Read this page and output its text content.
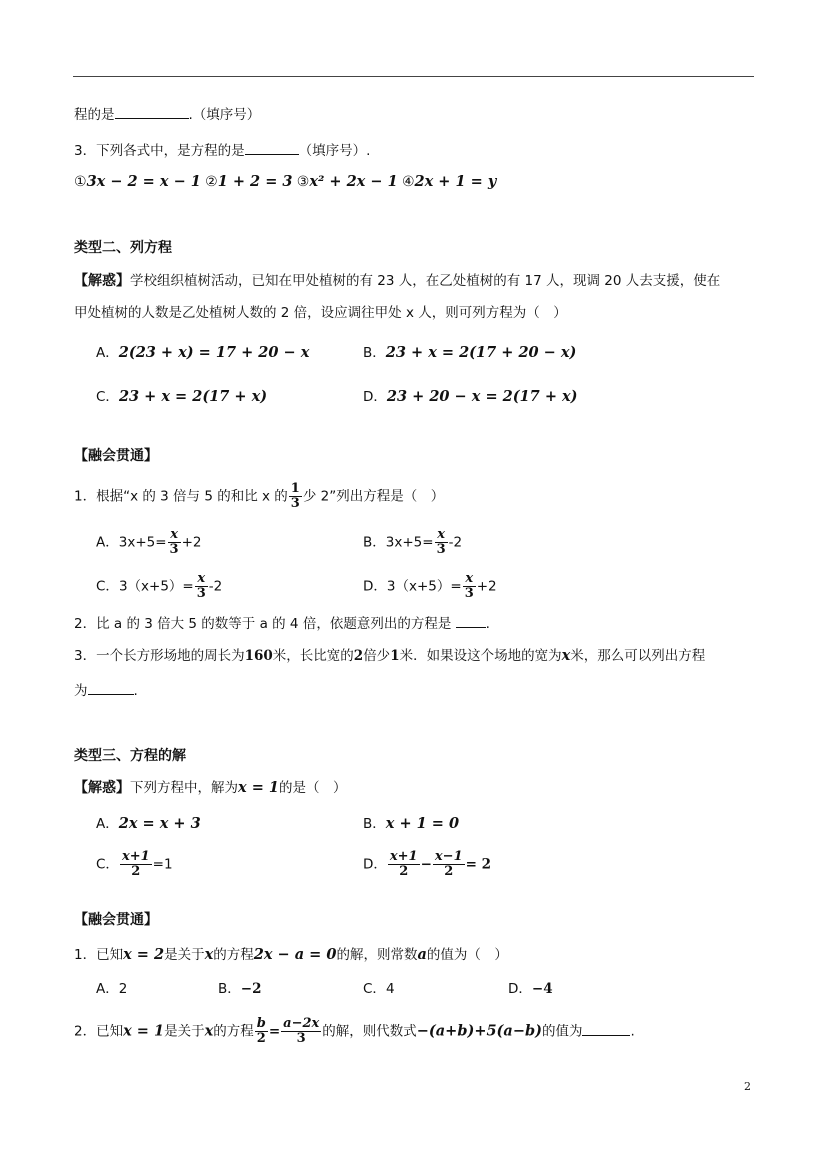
程的是	.（填序号）
3．下列各式中，是方程的是	（填序号）.
①3x − 2 = x − 1 ②1 + 2 = 3 ③x² + 2x − 1 ④2x + 1 = y
类型二、列方程
【解惑】学校组织植树活动，已知在甲处植树的有 23 人，在乙处植树的有 17 人，现调 20 人去支援，使在
甲处植树的人数是乙处植树人数的 2 倍，设应调往甲处 x 人，则可列方程为（　）
A．2(23 + x) = 17 + 20 − x	B．23 + x = 2(17 + 20 − x)
C．23 + x = 2(17 + x)	D．23 + 20 − x = 2(17 + x)
【融会贯通】
1．根据“x 的 3 倍与 5 的和比 x 的 $\frac{1}{3}$ 少 2”列出方程是（　）
A．$3x+5= \frac{x}{3} +2$	B．$3x+5= \frac{x}{3} -2$
C．$3(x+5)= \frac{x}{3} -2$	D．$3(x+5)= \frac{x}{3} +2$
2．比 a 的 3 倍大 5 的数等于 a 的 4 倍，依题意列出的方程是	.
3．一个长方形场地的周长为160米，长比宽的2倍少1米．如果设这个场地的宽为x米，那么可以列出方程
为	.
类型三、方程的解
【解惑】下列方程中，解为x = 1的是（　）
A．2x = x + 3	B．x + 1 = 0
C． $\frac{x+1}{2} =1$	D． $\frac{x+1}{2} - \frac{x-1}{2} = 2$
【融会贯通】
1．已知x = 2是关于x的方程2x − a = 0的解，则常数a的值为（　）
A．2	B．−2	C．4	D．−4
2．已知x = 1是关于x的方程 $\frac{b}{2} = \frac{a-2x}{3}$ 的解，则代数式−(a+b)+5(a−b)的值为	.
2
